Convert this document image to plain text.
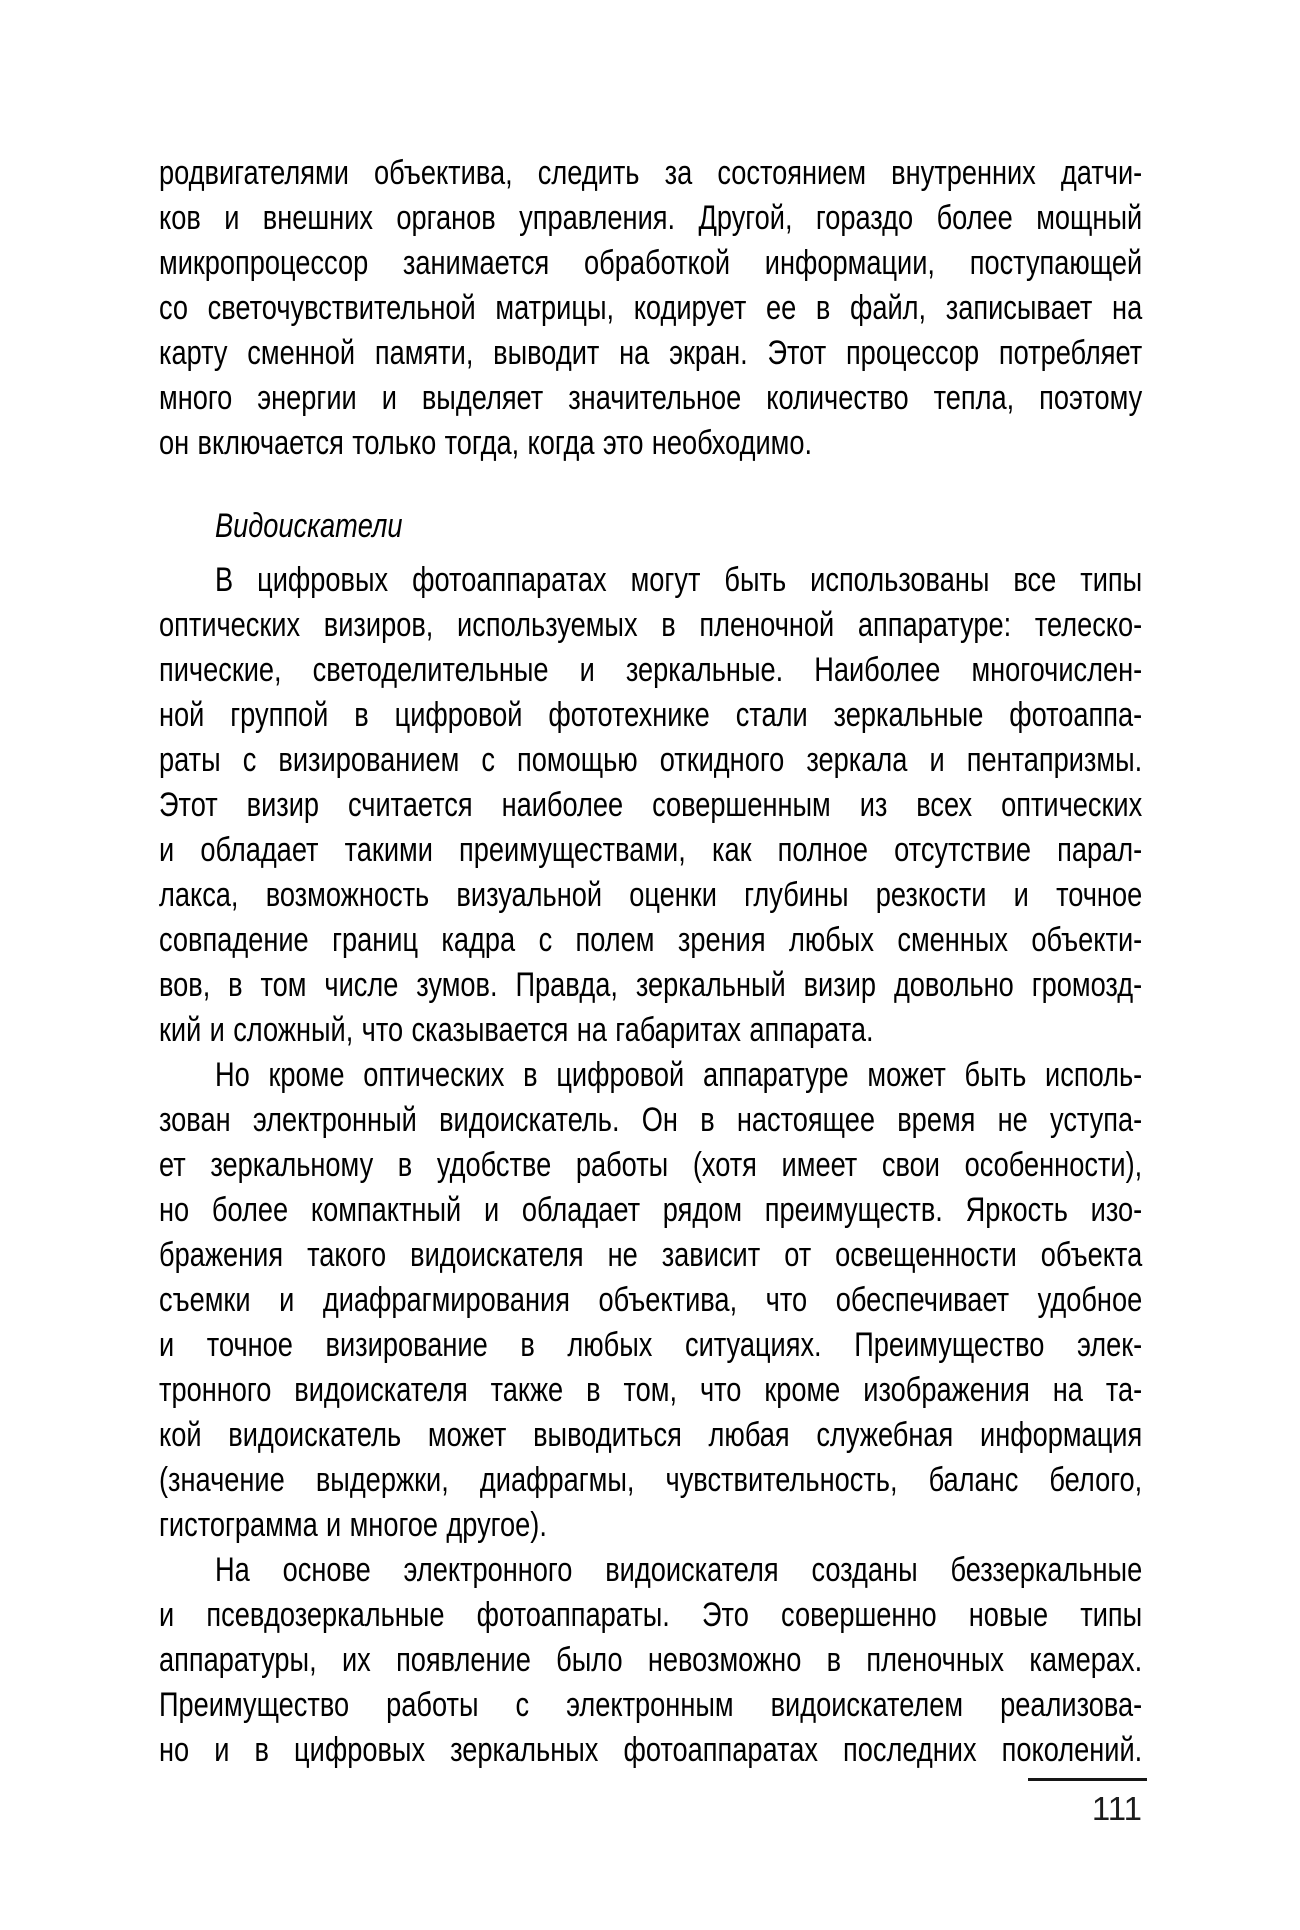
родвигателями объектива, следить за состоянием внутренних датчи-
ков и внешних органов управления. Другой, гораздо более мощный
микропроцессор занимается обработкой информации, поступающей
со светочувствительной матрицы, кодирует ее в файл, записывает на
карту сменной памяти, выводит на экран. Этот процессор потребляет
много энергии и выделяет значительное количество тепла, поэтому
он включается только тогда, когда это необходимо.
Видоискатели
В цифровых фотоаппаратах могут быть использованы все типы
оптических визиров, используемых в пленочной аппаратуре: телеско-
пические, светоделительные и зеркальные. Наиболее многочислен-
ной группой в цифровой фототехнике стали зеркальные фотоаппа-
раты с визированием с помощью откидного зеркала и пентапризмы.
Этот визир считается наиболее совершенным из всех оптических
и обладает такими преимуществами, как полное отсутствие парал-
лакса, возможность визуальной оценки глубины резкости и точное
совпадение границ кадра с полем зрения любых сменных объекти-
вов, в том числе зумов. Правда, зеркальный визир довольно громозд-
кий и сложный, что сказывается на габаритах аппарата.
Но кроме оптических в цифровой аппаратуре может быть исполь-
зован электронный видоискатель. Он в настоящее время не уступа-
ет зеркальному в удобстве работы (хотя имеет свои особенности),
но более компактный и обладает рядом преимуществ. Яркость изо-
бражения такого видоискателя не зависит от освещенности объекта
съемки и диафрагмирования объектива, что обеспечивает удобное
и точное визирование в любых ситуациях. Преимущество элек-
тронного видоискателя также в том, что кроме изображения на та-
кой видоискатель может выводиться любая служебная информация
(значение выдержки, диафрагмы, чувствительность, баланс белого,
гистограмма и многое другое).
На основе электронного видоискателя созданы беззеркальные
и псевдозеркальные фотоаппараты. Это совершенно новые типы
аппаратуры, их появление было невозможно в пленочных камерах.
Преимущество работы с электронным видоискателем реализова-
но и в цифровых зеркальных фотоаппаратах последних поколений.
111
